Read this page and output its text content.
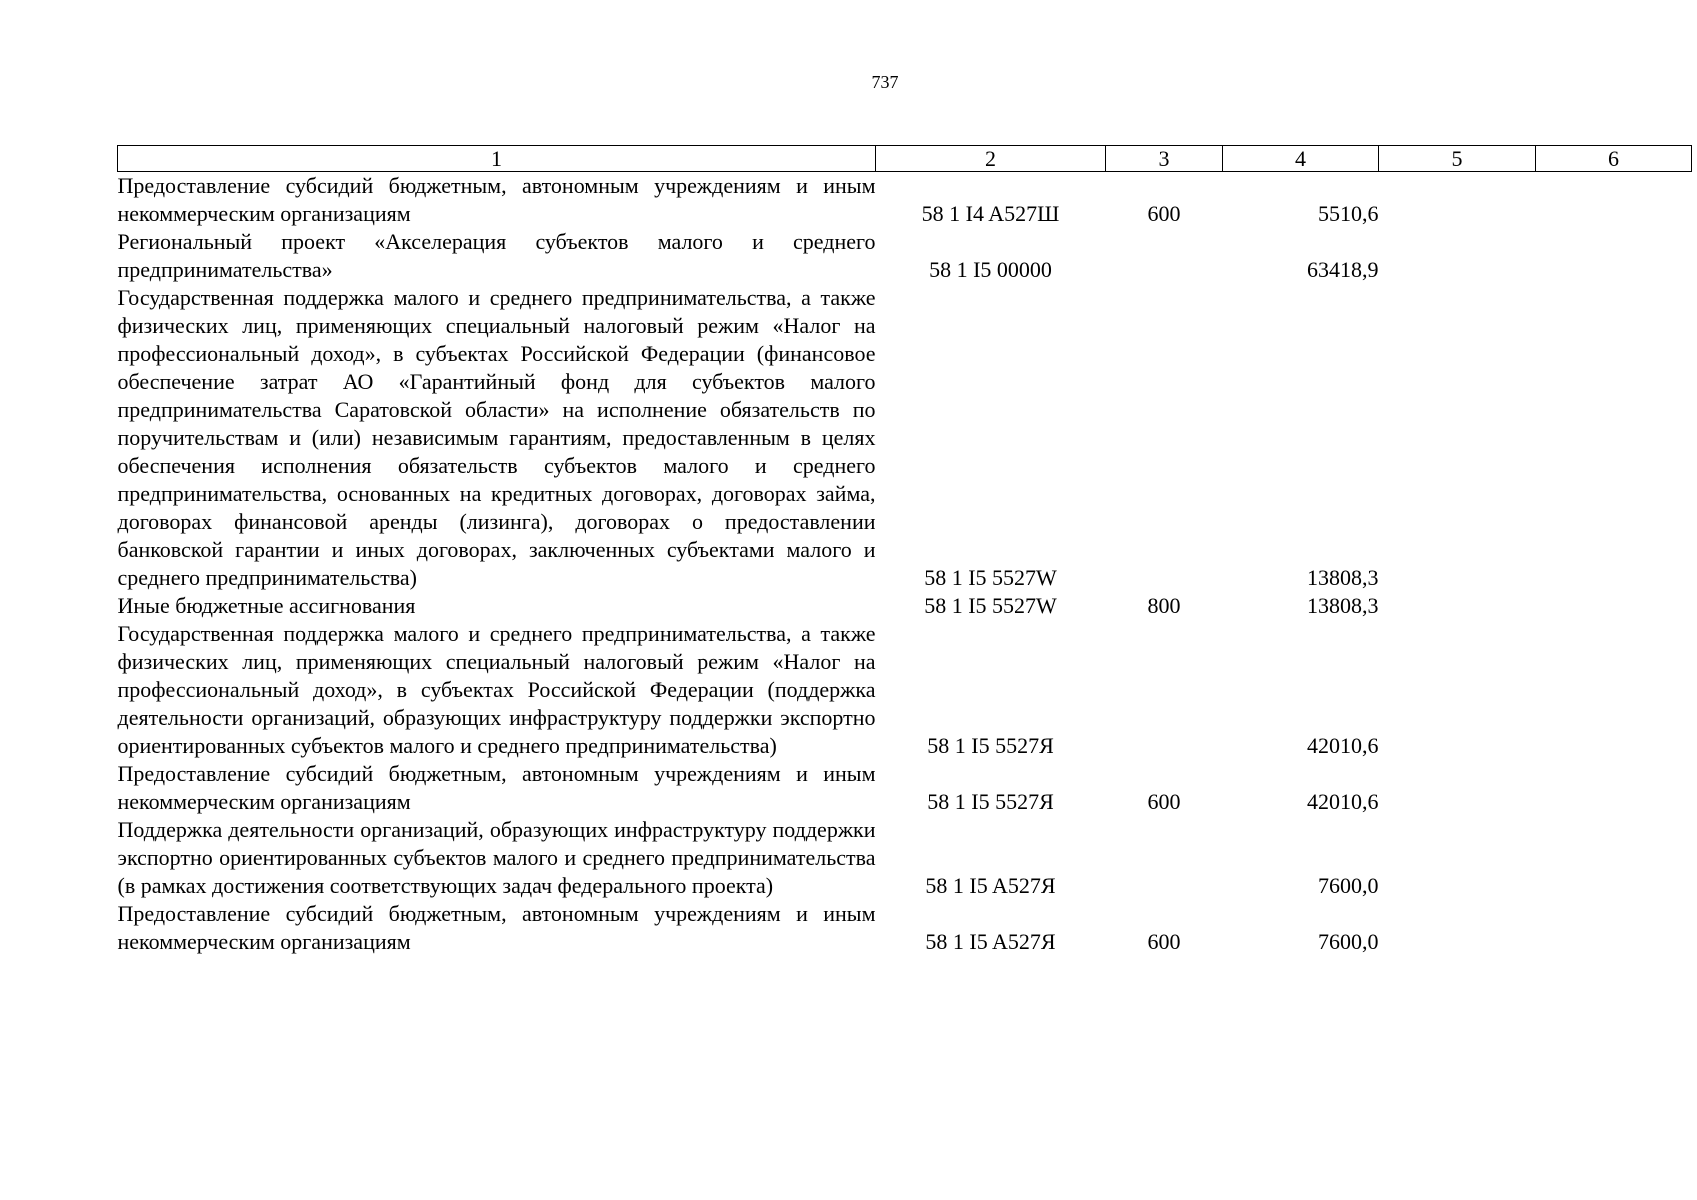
737
1	2	3	4	5	6
Предоставление субсидий бюджетным, автономным учреждениям и иным некоммерческим организациям	58 1 I4 A527Ш	600	5510,6		
Региональный проект «Акселерация субъектов малого и среднего предпринимательства»	58 1 I5 00000		63418,9		
Государственная поддержка малого и среднего предпринимательства, а также физических лиц, применяющих специальный налоговый режим «Налог на профессиональный доход», в субъектах Российской Федерации (финансовое обеспечение затрат АО «Гарантийный фонд для субъектов малого предпринимательства Саратовской области» на исполнение обязательств по поручительствам и (или) независимым гарантиям, предоставленным в целях обеспечения исполнения обязательств субъектов малого и среднего предпринимательства, основанных на кредитных договорах, договорах займа, договорах финансовой аренды (лизинга), договорах о предоставлении банковской гарантии и иных договорах, заключенных субъектами малого и среднего предпринимательства)	58 1 I5 5527W		13808,3		
Иные бюджетные ассигнования	58 1 I5 5527W	800	13808,3		
Государственная поддержка малого и среднего предпринимательства, а также физических лиц, применяющих специальный налоговый режим «Налог на профессиональный доход», в субъектах Российской Федерации (поддержка деятельности организаций, образующих инфраструктуру поддержки экспортно ориентированных субъектов малого и среднего предпринимательства)	58 1 I5 5527Я		42010,6		
Предоставление субсидий бюджетным, автономным учреждениям и иным некоммерческим организациям	58 1 I5 5527Я	600	42010,6		
Поддержка деятельности организаций, образующих инфраструктуру поддержки экспортно ориентированных субъектов малого и среднего предпринимательства (в рамках достижения соответствующих задач федерального проекта)	58 1 I5 A527Я		7600,0		
Предоставление субсидий бюджетным, автономным учреждениям и иным некоммерческим организациям	58 1 I5 A527Я	600	7600,0		
